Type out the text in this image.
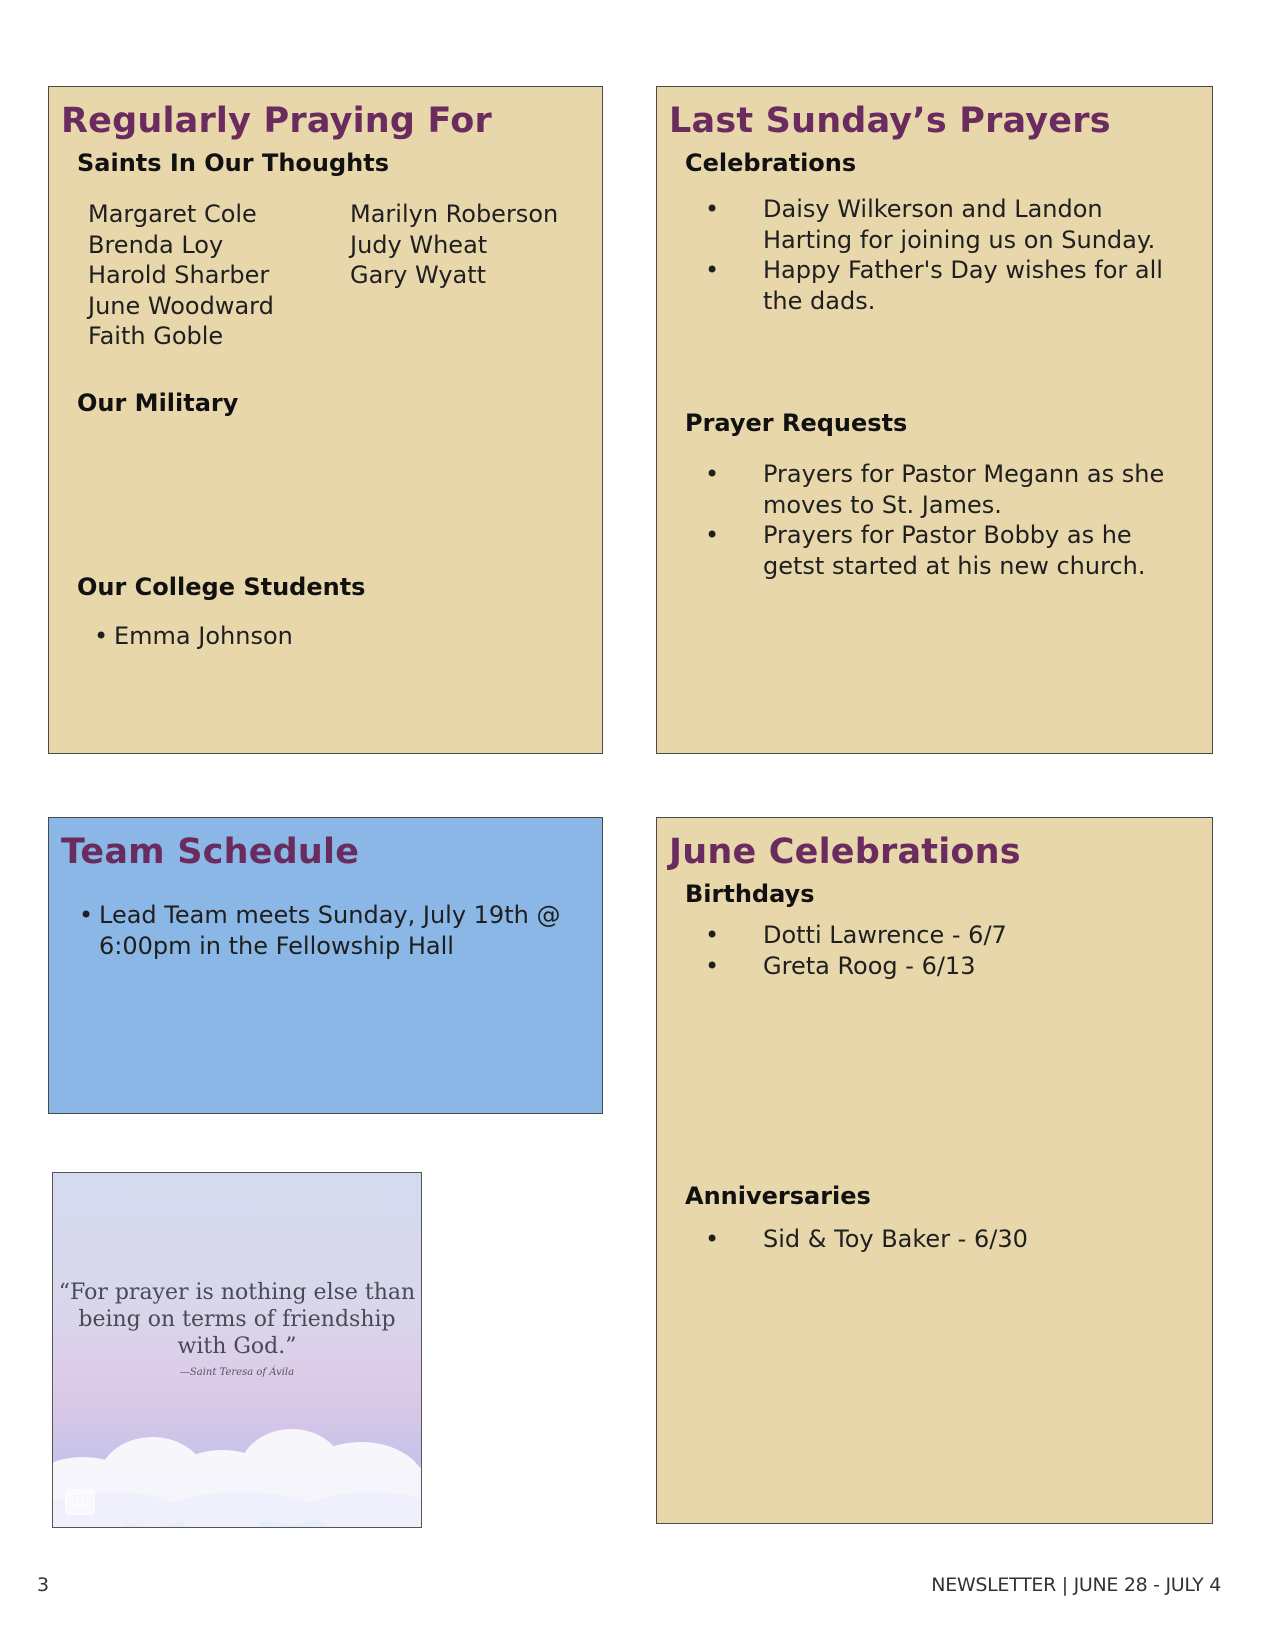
Regularly Praying For
Saints In Our Thoughts
Margaret Cole
Brenda Loy
Harold Sharber
June Woodward
Faith Goble
Marilyn Roberson
Judy Wheat
Gary Wyatt
Our Military
Our College Students
• Emma Johnson
Last Sunday’s Prayers
Celebrations
• Daisy Wilkerson and Landon Harting for joining us on Sunday.
• Happy Father's Day wishes for all the dads.
Prayer Requests
• Prayers for Pastor Megann as she moves to St. James.
• Prayers for Pastor Bobby as he getst started at his new church.
Team Schedule
• Lead Team meets Sunday, July 19th @ 6:00pm in the Fellowship Hall
“For prayer is nothing else than being on terms of friendship with God.”
—Saint Teresa of Ávila
RD
June Celebrations
Birthdays
• Dotti Lawrence - 6/7
• Greta Roog - 6/13
Anniversaries
• Sid & Toy Baker - 6/30
3	NEWSLETTER | JUNE 28 - JULY 4
